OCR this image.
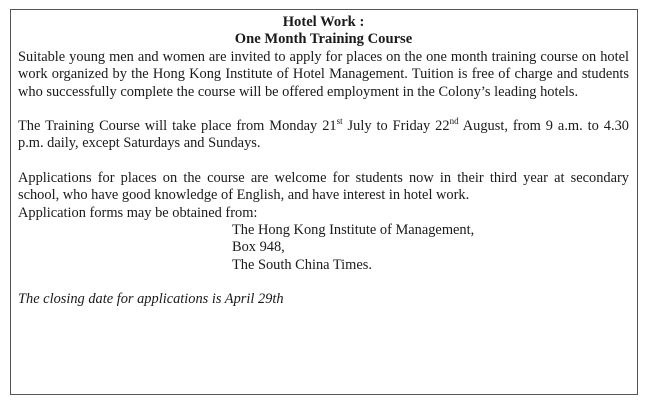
Hotel Work :

One Month Training Course

Suitable young men and women are invited to apply for places on the one month training course on hotel work organized by the Hong Kong Institute of Hotel Management. Tuition is free of charge and students who successfully complete the course will be offered employment in the Colony’s leading hotels.

The Training Course will take place from Monday 21st July to Friday 22nd August, from 9 a.m. to 4.30 p.m. daily, except Saturdays and Sundays.

Applications for places on the course are welcome for students now in their third year at secondary school, who have good knowledge of English, and have interest in hotel work.

Application forms may be obtained from:

The Hong Kong Institute of Management,
Box 948,
The South China Times.

The closing date for applications is April 29th
